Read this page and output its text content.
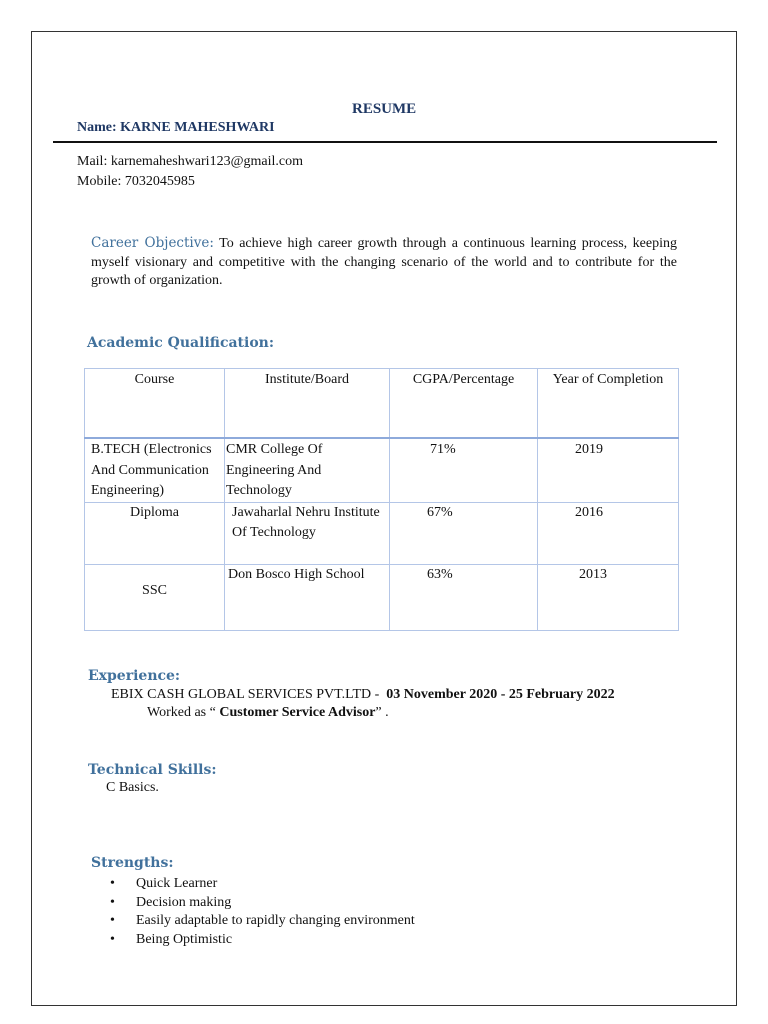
RESUME
Name: KARNE MAHESHWARI
Mail: karnemaheshwari123@gmail.com
Mobile: 7032045985
Career Objective: To achieve high career growth through a continuous learning process, keeping myself visionary and competitive with the changing scenario of the world and to contribute for the growth of organization.
Academic Qualification:
Course	Institute/Board	CGPA/Percentage	Year of Completion
B.TECH (Electronics And Communication Engineering)	CMR College Of Engineering And Technology	71%	2019
Diploma	Jawaharlal Nehru Institute Of Technology	67%	2016
SSC	Don Bosco High School	63%	2013
Experience:
EBIX CASH GLOBAL SERVICES PVT.LTD - 03 November 2020 - 25 February 2022
Worked as “ Customer Service Advisor” .
Technical Skills:
C Basics.
Strengths:
• Quick Learner
• Decision making
• Easily adaptable to rapidly changing environment
• Being Optimistic
